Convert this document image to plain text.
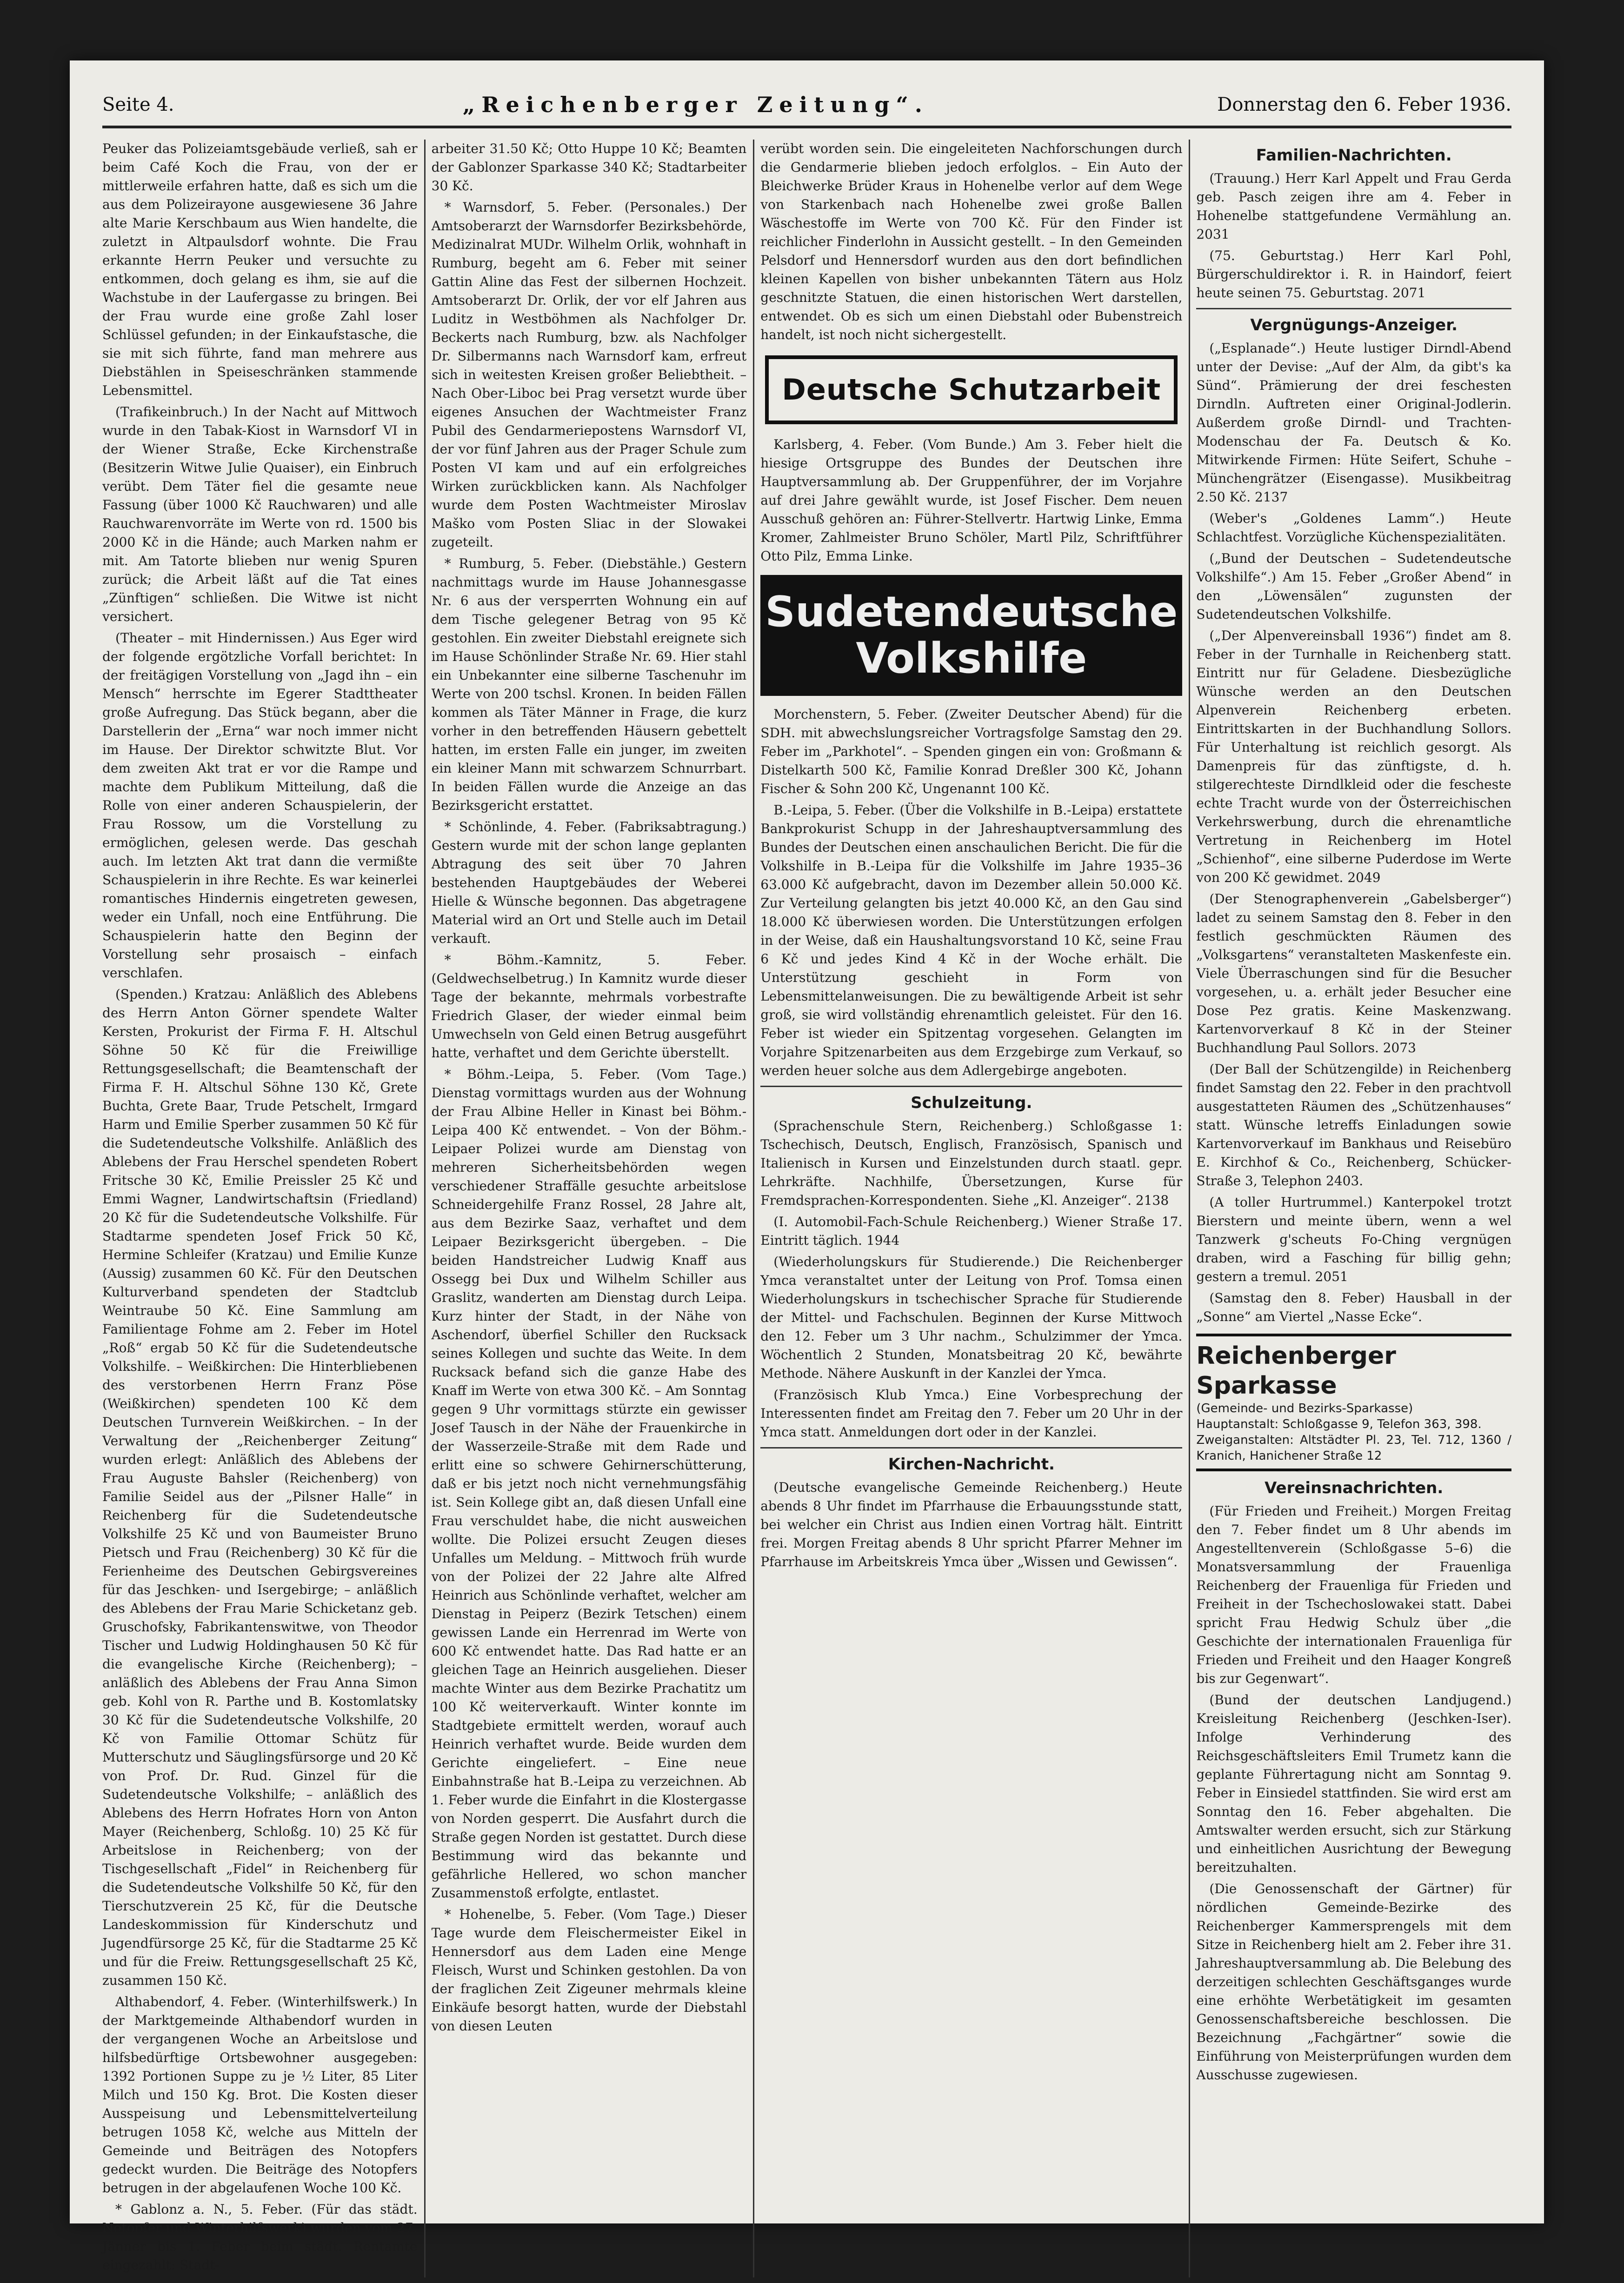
Seite 4.	„Reichenberger Zeitung“.	Donnerstag den 6. Feber 1936.

Peuker das Polizeiamtsgebäude verließ, sah er beim Café Koch die Frau, von der er mittlerweile erfahren hatte, daß es sich um die aus dem Polizeirayone ausgewiesene 36 Jahre alte Marie Kerschbaum aus Wien handelte, die zuletzt in Altpaulsdorf wohnte. Die Frau erkannte Herrn Peuker und versuchte zu entkommen, doch gelang es ihm, sie auf die Wachstube in der Laufergasse zu bringen. Bei der Frau wurde eine große Zahl loser Schlüssel gefunden; in der Einkaufstasche, die sie mit sich führte, fand man mehrere aus Diebstählen in Speiseschränken stammende Lebensmittel.

(Trafikeinbruch.) In der Nacht auf Mittwoch wurde in den Tabak-Kiost in Warnsdorf VI in der Wiener Straße, Ecke Kirchenstraße (Besitzerin Witwe Julie Quaiser), ein Einbruch verübt. Dem Täter fiel die gesamte neue Fassung (über 1000 Kč Rauchwaren) und alle Rauchwarenvorräte im Werte von rd. 1500 bis 2000 Kč in die Hände; auch Marken nahm er mit. Am Tatorte blieben nur wenig Spuren zurück; die Arbeit läßt auf die Tat eines „Zünftigen“ schließen. Die Witwe ist nicht versichert.

(Theater – mit Hindernissen.) Aus Eger wird der folgende ergötzliche Vorfall berichtet: In der freitägigen Vorstellung von „Jagd ihn – ein Mensch“ herrschte im Egerer Stadttheater große Aufregung. Das Stück begann, aber die Darstellerin der „Erna“ war noch immer nicht im Hause. Der Direktor schwitzte Blut. Vor dem zweiten Akt trat er vor die Rampe und machte dem Publikum Mitteilung, daß die Rolle von einer anderen Schauspielerin, der Frau Rossow, um die Vorstellung zu ermöglichen, gelesen werde. Das geschah auch. Im letzten Akt trat dann die vermißte Schauspielerin in ihre Rechte. Es war keinerlei romantisches Hindernis eingetreten gewesen, weder ein Unfall, noch eine Entführung. Die Schauspielerin hatte den Beginn der Vorstellung sehr prosaisch – einfach verschlafen.

(Spenden.) Kratzau: Anläßlich des Ablebens des Herrn Anton Görner spendete Walter Kersten, Prokurist der Firma F. H. Altschul Söhne 50 Kč für die Freiwillige Rettungsgesellschaft; die Beamtenschaft der Firma F. H. Altschul Söhne 130 Kč, Grete Buchta, Grete Baar, Trude Petschelt, Irmgard Harm und Emilie Sperber zusammen 50 Kč für die Sudetendeutsche Volkshilfe. Anläßlich des Ablebens der Frau Herschel spendeten Robert Fritsche 30 Kč, Emilie Preissler 25 Kč und Emmi Wagner, Landwirtschaftsin (Friedland) 20 Kč für die Sudetendeutsche Volkshilfe. Für Stadtarme spendeten Josef Frick 50 Kč, Hermine Schleifer (Kratzau) und Emilie Kunze (Aussig) zusammen 60 Kč. Für den Deutschen Kulturverband spendeten der Stadtclub Weintraube 50 Kč. Eine Sammlung am Familientage Fohme am 2. Feber im Hotel „Roß“ ergab 50 Kč für die Sudetendeutsche Volkshilfe. – Weißkirchen: Die Hinterbliebenen des verstorbenen Herrn Franz Pöse (Weißkirchen) spendeten 100 Kč dem Deutschen Turnverein Weißkirchen. – In der Verwaltung der „Reichenberger Zeitung“ wurden erlegt: Anläßlich des Ablebens der Frau Auguste Bahsler (Reichenberg) von Familie Seidel aus der „Pilsner Halle“ in Reichenberg für die Sudetendeutsche Volkshilfe 25 Kč und von Baumeister Bruno Pietsch und Frau (Reichenberg) 30 Kč für die Ferienheime des Deutschen Gebirgsvereines für das Jeschken- und Isergebirge; – anläßlich des Ablebens der Frau Marie Schicketanz geb. Gruschofsky, Fabrikantenswitwe, von Theodor Tischer und Ludwig Holdinghausen 50 Kč für die evangelische Kirche (Reichenberg); – anläßlich des Ablebens der Frau Anna Simon geb. Kohl von R. Parthe und B. Kostomlatsky 30 Kč für die Sudetendeutsche Volkshilfe, 20 Kč von Familie Ottomar Schütz für Mutterschutz und Säuglingsfürsorge und 20 Kč von Prof. Dr. Rud. Ginzel für die Sudetendeutsche Volkshilfe; – anläßlich des Ablebens des Herrn Hofrates Horn von Anton Mayer (Reichenberg, Schloßg. 10) 25 Kč für Arbeitslose in Reichenberg; von der Tischgesellschaft „Fidel“ in Reichenberg für die Sudetendeutsche Volkshilfe 50 Kč, für den Tierschutzverein 25 Kč, für die Deutsche Landeskommission für Kinderschutz und Jugendfürsorge 25 Kč, für die Stadtarme 25 Kč und für die Freiw. Rettungsgesellschaft 25 Kč, zusammen 150 Kč.

Althabendorf, 4. Feber. (Winterhilfswerk.) In der Marktgemeinde Althabendorf wurden in der vergangenen Woche an Arbeitslose und hilfsbedürftige Ortsbewohner ausgegeben: 1392 Portionen Suppe zu je ½ Liter, 85 Liter Milch und 150 Kg. Brot. Die Kosten dieser Ausspeisung und Lebensmittelverteilung betrugen 1058 Kč, welche aus Mitteln der Gemeinde und Beiträgen des Notopfers gedeckt wurden. Die Beiträge des Notopfers betrugen in der abgelaufenen Woche 100 Kč.

* Gablonz a. N., 5. Feber. (Für das städt. Notopfer und Winterhilfswerk) wurden vom 27. Jänner bis 1. Feber beim städt. Rentamte eingezahlt: Stadt-

arbeiter 31.50 Kč; Otto Huppe 10 Kč; Beamten der Gablonzer Sparkasse 340 Kč; Stadtarbeiter 30 Kč.

* Warnsdorf, 5. Feber. (Personales.) Der Amtsoberarzt der Warnsdorfer Bezirksbehörde, Medizinalrat MUDr. Wilhelm Orlik, wohnhaft in Rumburg, begeht am 6. Feber mit seiner Gattin Aline das Fest der silbernen Hochzeit. Amtsoberarzt Dr. Orlik, der vor elf Jahren aus Luditz in Westböhmen als Nachfolger Dr. Beckerts nach Rumburg, bzw. als Nachfolger Dr. Silbermanns nach Warnsdorf kam, erfreut sich in weitesten Kreisen großer Beliebtheit. – Nach Ober-Liboc bei Prag versetzt wurde über eigenes Ansuchen der Wachtmeister Franz Pubil des Gendarmeriepostens Warnsdorf VI, der vor fünf Jahren aus der Prager Schule zum Posten VI kam und auf ein erfolgreiches Wirken zurückblicken kann. Als Nachfolger wurde dem Posten Wachtmeister Miroslav Maško vom Posten Sliac in der Slowakei zugeteilt.

* Rumburg, 5. Feber. (Diebstähle.) Gestern nachmittags wurde im Hause Johannesgasse Nr. 6 aus der versperrten Wohnung ein auf dem Tische gelegener Betrag von 95 Kč gestohlen. Ein zweiter Diebstahl ereignete sich im Hause Schönlinder Straße Nr. 69. Hier stahl ein Unbekannter eine silberne Taschenuhr im Werte von 200 tschsl. Kronen. In beiden Fällen kommen als Täter Männer in Frage, die kurz vorher in den betreffenden Häusern gebettelt hatten, im ersten Falle ein junger, im zweiten ein kleiner Mann mit schwarzem Schnurrbart. In beiden Fällen wurde die Anzeige an das Bezirksgericht erstattet.

* Schönlinde, 4. Feber. (Fabriksabtragung.) Gestern wurde mit der schon lange geplanten Abtragung des seit über 70 Jahren bestehenden Hauptgebäudes der Weberei Hielle & Wünsche begonnen. Das abgetragene Material wird an Ort und Stelle auch im Detail verkauft.

* Böhm.-Kamnitz, 5. Feber. (Geldwechselbetrug.) In Kamnitz wurde dieser Tage der bekannte, mehrmals vorbestrafte Friedrich Glaser, der wieder einmal beim Umwechseln von Geld einen Betrug ausgeführt hatte, verhaftet und dem Gerichte überstellt.

* Böhm.-Leipa, 5. Feber. (Vom Tage.) Dienstag vormittags wurden aus der Wohnung der Frau Albine Heller in Kinast bei Böhm.-Leipa 400 Kč entwendet. – Von der Böhm.-Leipaer Polizei wurde am Dienstag von mehreren Sicherheitsbehörden wegen verschiedener Straffälle gesuchte arbeitslose Schneidergehilfe Franz Rossel, 28 Jahre alt, aus dem Bezirke Saaz, verhaftet und dem Leipaer Bezirksgericht übergeben. – Die beiden Handstreicher Ludwig Knaff aus Ossegg bei Dux und Wilhelm Schiller aus Graslitz, wanderten am Dienstag durch Leipa. Kurz hinter der Stadt, in der Nähe von Aschendorf, überfiel Schiller den Rucksack seines Kollegen und suchte das Weite. In dem Rucksack befand sich die ganze Habe des Knaff im Werte von etwa 300 Kč. – Am Sonntag gegen 9 Uhr vormittags stürzte ein gewisser Josef Tausch in der Nähe der Frauenkirche in der Wasserzeile-Straße mit dem Rade und erlitt eine so schwere Gehirnerschütterung, daß er bis jetzt noch nicht vernehmungsfähig ist. Sein Kollege gibt an, daß diesen Unfall eine Frau verschuldet habe, die nicht ausweichen wollte. Die Polizei ersucht Zeugen dieses Unfalles um Meldung. – Mittwoch früh wurde von der Polizei der 22 Jahre alte Alfred Heinrich aus Schönlinde verhaftet, welcher am Dienstag in Peiperz (Bezirk Tetschen) einem gewissen Lande ein Herrenrad im Werte von 600 Kč entwendet hatte. Das Rad hatte er an gleichen Tage an Heinrich ausgeliehen. Dieser machte Winter aus dem Bezirke Prachatitz um 100 Kč weiterverkauft. Winter konnte im Stadtgebiete ermittelt werden, worauf auch Heinrich verhaftet wurde. Beide wurden dem Gerichte eingeliefert. – Eine neue Einbahnstraße hat B.-Leipa zu verzeichnen. Ab 1. Feber wurde die Einfahrt in die Klostergasse von Norden gesperrt. Die Ausfahrt durch die Straße gegen Norden ist gestattet. Durch diese Bestimmung wird das bekannte und gefährliche Hellered, wo schon mancher Zusammenstoß erfolgte, entlastet.

* Hohenelbe, 5. Feber. (Vom Tage.) Dieser Tage wurde dem Fleischermeister Eikel in Hennersdorf aus dem Laden eine Menge Fleisch, Wurst und Schinken gestohlen. Da von der fraglichen Zeit Zigeuner mehrmals kleine Einkäufe besorgt hatten, wurde der Diebstahl von diesen Leuten

verübt worden sein. Die eingeleiteten Nachforschungen durch die Gendarmerie blieben jedoch erfolglos. – Ein Auto der Bleichwerke Brüder Kraus in Hohenelbe verlor auf dem Wege von Starkenbach nach Hohenelbe zwei große Ballen Wäschestoffe im Werte von 700 Kč. Für den Finder ist reichlicher Finderlohn in Aussicht gestellt. – In den Gemeinden Pelsdorf und Hennersdorf wurden aus den dort befindlichen kleinen Kapellen von bisher unbekannten Tätern aus Holz geschnitzte Statuen, die einen historischen Wert darstellen, entwendet. Ob es sich um einen Diebstahl oder Bubenstreich handelt, ist noch nicht sichergestellt.

Deutsche Schutzarbeit

Karlsberg, 4. Feber. (Vom Bunde.) Am 3. Feber hielt die hiesige Ortsgruppe des Bundes der Deutschen ihre Hauptversammlung ab. Der Gruppenführer, der im Vorjahre auf drei Jahre gewählt wurde, ist Josef Fischer. Dem neuen Ausschuß gehören an: Führer-Stellvertr. Hartwig Linke, Emma Kromer, Zahlmeister Bruno Schöler, Martl Pilz, Schriftführer Otto Pilz, Emma Linke.

Sudetendeutsche
Volkshilfe

Morchenstern, 5. Feber. (Zweiter Deutscher Abend) für die SDH. mit abwechslungsreicher Vortragsfolge Samstag den 29. Feber im „Parkhotel“. – Spenden gingen ein von: Großmann & Distelkarth 500 Kč, Familie Konrad Dreßler 300 Kč, Johann Fischer & Sohn 200 Kč, Ungenannt 100 Kč.

B.-Leipa, 5. Feber. (Über die Volkshilfe in B.-Leipa) erstattete Bankprokurist Schupp in der Jahreshauptversammlung des Bundes der Deutschen einen anschaulichen Bericht. Die für die Volkshilfe in B.-Leipa für die Volkshilfe im Jahre 1935–36 63.000 Kč aufgebracht, davon im Dezember allein 50.000 Kč. Zur Verteilung gelangten bis jetzt 40.000 Kč, an den Gau sind 18.000 Kč überwiesen worden. Die Unterstützungen erfolgen in der Weise, daß ein Haushaltungsvorstand 10 Kč, seine Frau 6 Kč und jedes Kind 4 Kč in der Woche erhält. Die Unterstützung geschieht in Form von Lebensmittelanweisungen. Die zu bewältigende Arbeit ist sehr groß, sie wird vollständig ehrenamtlich geleistet. Für den 16. Feber ist wieder ein Spitzentag vorgesehen. Gelangten im Vorjahre Spitzenarbeiten aus dem Erzgebirge zum Verkauf, so werden heuer solche aus dem Adlergebirge angeboten.

Schulzeitung.

(Sprachenschule Stern, Reichenberg.) Schloßgasse 1: Tschechisch, Deutsch, Englisch, Französisch, Spanisch und Italienisch in Kursen und Einzelstunden durch staatl. gepr. Lehrkräfte. Nachhilfe, Übersetzungen, Kurse für Fremdsprachen-Korrespondenten. Siehe „Kl. Anzeiger“. 2138

(I. Automobil-Fach-Schule Reichenberg.) Wiener Straße 17. Eintritt täglich. 1944

(Wiederholungskurs für Studierende.) Die Reichenberger Ymca veranstaltet unter der Leitung von Prof. Tomsa einen Wiederholungskurs in tschechischer Sprache für Studierende der Mittel- und Fachschulen. Beginnen der Kurse Mittwoch den 12. Feber um 3 Uhr nachm., Schulzimmer der Ymca. Wöchentlich 2 Stunden, Monatsbeitrag 20 Kč, bewährte Methode. Nähere Auskunft in der Kanzlei der Ymca.

(Französisch Klub Ymca.) Eine Vorbesprechung der Interessenten findet am Freitag den 7. Feber um 20 Uhr in der Ymca statt. Anmeldungen dort oder in der Kanzlei.

Kirchen-Nachricht.

(Deutsche evangelische Gemeinde Reichenberg.) Heute abends 8 Uhr findet im Pfarrhause die Erbauungsstunde statt, bei welcher ein Christ aus Indien einen Vortrag hält. Eintritt frei. Morgen Freitag abends 8 Uhr spricht Pfarrer Mehner im Pfarrhause im Arbeitskreis Ymca über „Wissen und Gewissen“.

Familien-Nachrichten.

(Trauung.) Herr Karl Appelt und Frau Gerda geb. Pasch zeigen ihre am 4. Feber in Hohenelbe stattgefundene Vermählung an. 2031

(75. Geburtstag.) Herr Karl Pohl, Bürgerschuldirektor i. R. in Haindorf, feiert heute seinen 75. Geburtstag. 2071

Vergnügungs-Anzeiger.

(„Esplanade“.) Heute lustiger Dirndl-Abend unter der Devise: „Auf der Alm, da gibt's ka Sünd“. Prämierung der drei feschesten Dirndln. Auftreten einer Original-Jodlerin. Außerdem große Dirndl- und Trachten-Modenschau der Fa. Deutsch & Ko. Mitwirkende Firmen: Hüte Seifert, Schuhe – Münchengrätzer (Eisengasse). Musikbeitrag 2.50 Kč. 2137

(Weber's „Goldenes Lamm“.) Heute Schlachtfest. Vorzügliche Küchenspezialitäten.

(„Bund der Deutschen – Sudetendeutsche Volkshilfe“.) Am 15. Feber „Großer Abend“ in den „Löwensälen“ zugunsten der Sudetendeutschen Volkshilfe.

(„Der Alpenvereinsball 1936“) findet am 8. Feber in der Turnhalle in Reichenberg statt. Eintritt nur für Geladene. Diesbezügliche Wünsche werden an den Deutschen Alpenverein Reichenberg erbeten. Eintrittskarten in der Buchhandlung Sollors. Für Unterhaltung ist reichlich gesorgt. Als Damenpreis für das zünftigste, d. h. stilgerechteste Dirndlkleid oder die fescheste echte Tracht wurde von der Österreichischen Verkehrswerbung, durch die ehrenamtliche Vertretung in Reichenberg im Hotel „Schienhof“, eine silberne Puderdose im Werte von 200 Kč gewidmet. 2049

(Der Stenographenverein „Gabelsberger“) ladet zu seinem Samstag den 8. Feber in den festlich geschmückten Räumen des „Volksgartens“ veranstalteten Maskenfeste ein. Viele Überraschungen sind für die Besucher vorgesehen, u. a. erhält jeder Besucher eine Dose Pez gratis. Keine Maskenzwang. Kartenvorverkauf 8 Kč in der Steiner Buchhandlung Paul Sollors. 2073

(Der Ball der Schützengilde) in Reichenberg findet Samstag den 22. Feber in den prachtvoll ausgestatteten Räumen des „Schützenhauses“ statt. Wünsche letreffs Einladungen sowie Kartenvorverkauf im Bankhaus und Reisebüro E. Kirchhof & Co., Reichenberg, Schücker-Straße 3, Telephon 2403.

(A toller Hurtrummel.) Kanterpokel trotzt Bierstern und meinte übern, wenn a wel Tanzwerk g'scheuts Fo-Ching vergnügen draben, wird a Fasching für billig gehn; gestern a tremul. 2051

(Samstag den 8. Feber) Hausball in der „Sonne“ am Viertel „Nasse Ecke“.

Reichenberger Sparkasse
(Gemeinde- und Bezirks-Sparkasse)
Hauptanstalt: Schloßgasse 9, Telefon 363, 398.
Zweiganstalten: Altstädter Pl. 23, Tel. 712, 1360 / Kranich, Hanichener Straße 12
Vereinsnachrichten.

(Für Frieden und Freiheit.) Morgen Freitag den 7. Feber findet um 8 Uhr abends im Angestelltenverein (Schloßgasse 5–6) die Monatsversammlung der Frauenliga Reichenberg der Frauenliga für Frieden und Freiheit in der Tschechoslowakei statt. Dabei spricht Frau Hedwig Schulz über „die Geschichte der internationalen Frauenliga für Frieden und Freiheit und den Haager Kongreß bis zur Gegenwart“.

(Bund der deutschen Landjugend.) Kreisleitung Reichenberg (Jeschken-Iser). Infolge Verhinderung des Reichsgeschäftsleiters Emil Trumetz kann die geplante Führertagung nicht am Sonntag 9. Feber in Einsiedel stattfinden. Sie wird erst am Sonntag den 16. Feber abgehalten. Die Amtswalter werden ersucht, sich zur Stärkung und einheitlichen Ausrichtung der Bewegung bereitzuhalten.

(Die Genossenschaft der Gärtner) für nördlichen Gemeinde-Bezirke des Reichenberger Kammersprengels mit dem Sitze in Reichenberg hielt am 2. Feber ihre 31. Jahreshauptversammlung ab. Die Belebung des derzeitigen schlechten Geschäftsganges wurde eine erhöhte Werbetätigkeit im gesamten Genossenschaftsbereiche beschlossen. Die Bezeichnung „Fachgärtner“ sowie die Einführung von Meisterprüfungen wurden dem Ausschusse zugewiesen.
